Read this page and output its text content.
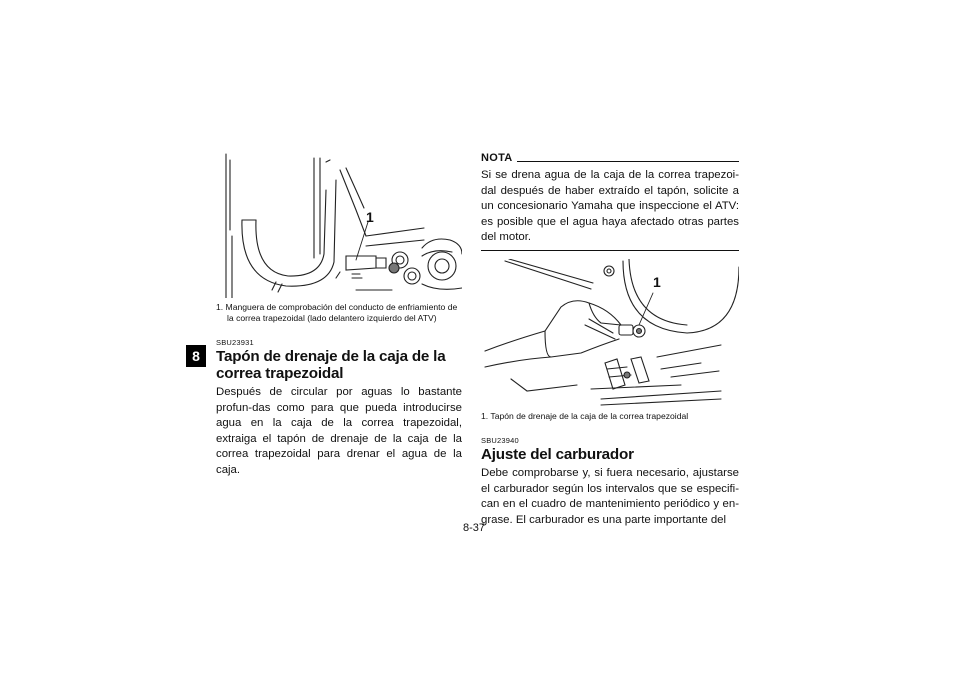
8
1

1. Manguera de comprobación del conducto de enfriamiento de la correa trapezoidal (lado delantero izquierdo del ATV)

SBU23931

Tapón de drenaje de la caja de la correa trapezoidal

Después de circular por aguas lo bastante profun-das como para que pueda introducirse agua en la caja de la correa trapezoidal, extraiga el tapón de drenaje de la caja de la correa trapezoidal para drenar el agua de la caja.

NOTA

Si se drena agua de la caja de la correa trapezoi-dal después de haber extraído el tapón, solicite a un concesionario Yamaha que inspeccione el ATV: es posible que el agua haya afectado otras partes del motor.

1

1. Tapón de drenaje de la caja de la correa trapezoidal

SBU23940

Ajuste del carburador

Debe comprobarse y, si fuera necesario, ajustarse el carburador según los intervalos que se especifi-can en el cuadro de mantenimiento periódico y en-grase. El carburador es una parte importante del

8-37
